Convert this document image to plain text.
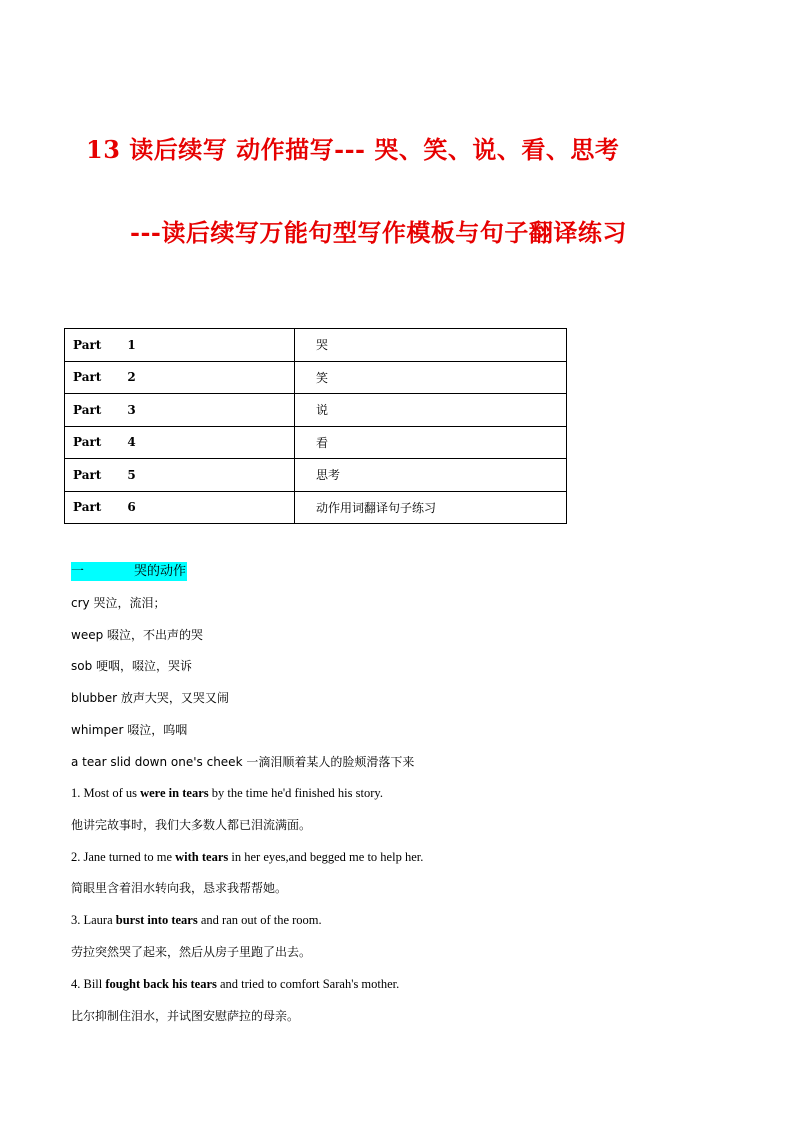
13 读后续写 动作描写--- 哭、笑、说、看、思考
---读后续写万能句型写作模板与句子翻译练习
Part 1	哭
Part 2	笑
Part 3	说
Part 4	看
Part 5	思考
Part 6	动作用词翻译句子练习
一	哭的动作
cry 哭泣，流泪；
weep 啜泣，不出声的哭
sob 哽咽，啜泣，哭诉
blubber 放声大哭，又哭又闹
whimper 啜泣，呜咽
a tear slid down one's cheek 一滴泪顺着某人的脸颊滑落下来
1. Most of us were in tears by the time he'd finished his story.
他讲完故事时，我们大多数人都已泪流满面。
2. Jane turned to me with tears in her eyes,and begged me to help her.
简眼里含着泪水转向我，恳求我帮帮她。
3. Laura burst into tears and ran out of the room.
劳拉突然哭了起来，然后从房子里跑了出去。
4. Bill fought back his tears and tried to comfort Sarah's mother.
比尔抑制住泪水，并试图安慰萨拉的母亲。
